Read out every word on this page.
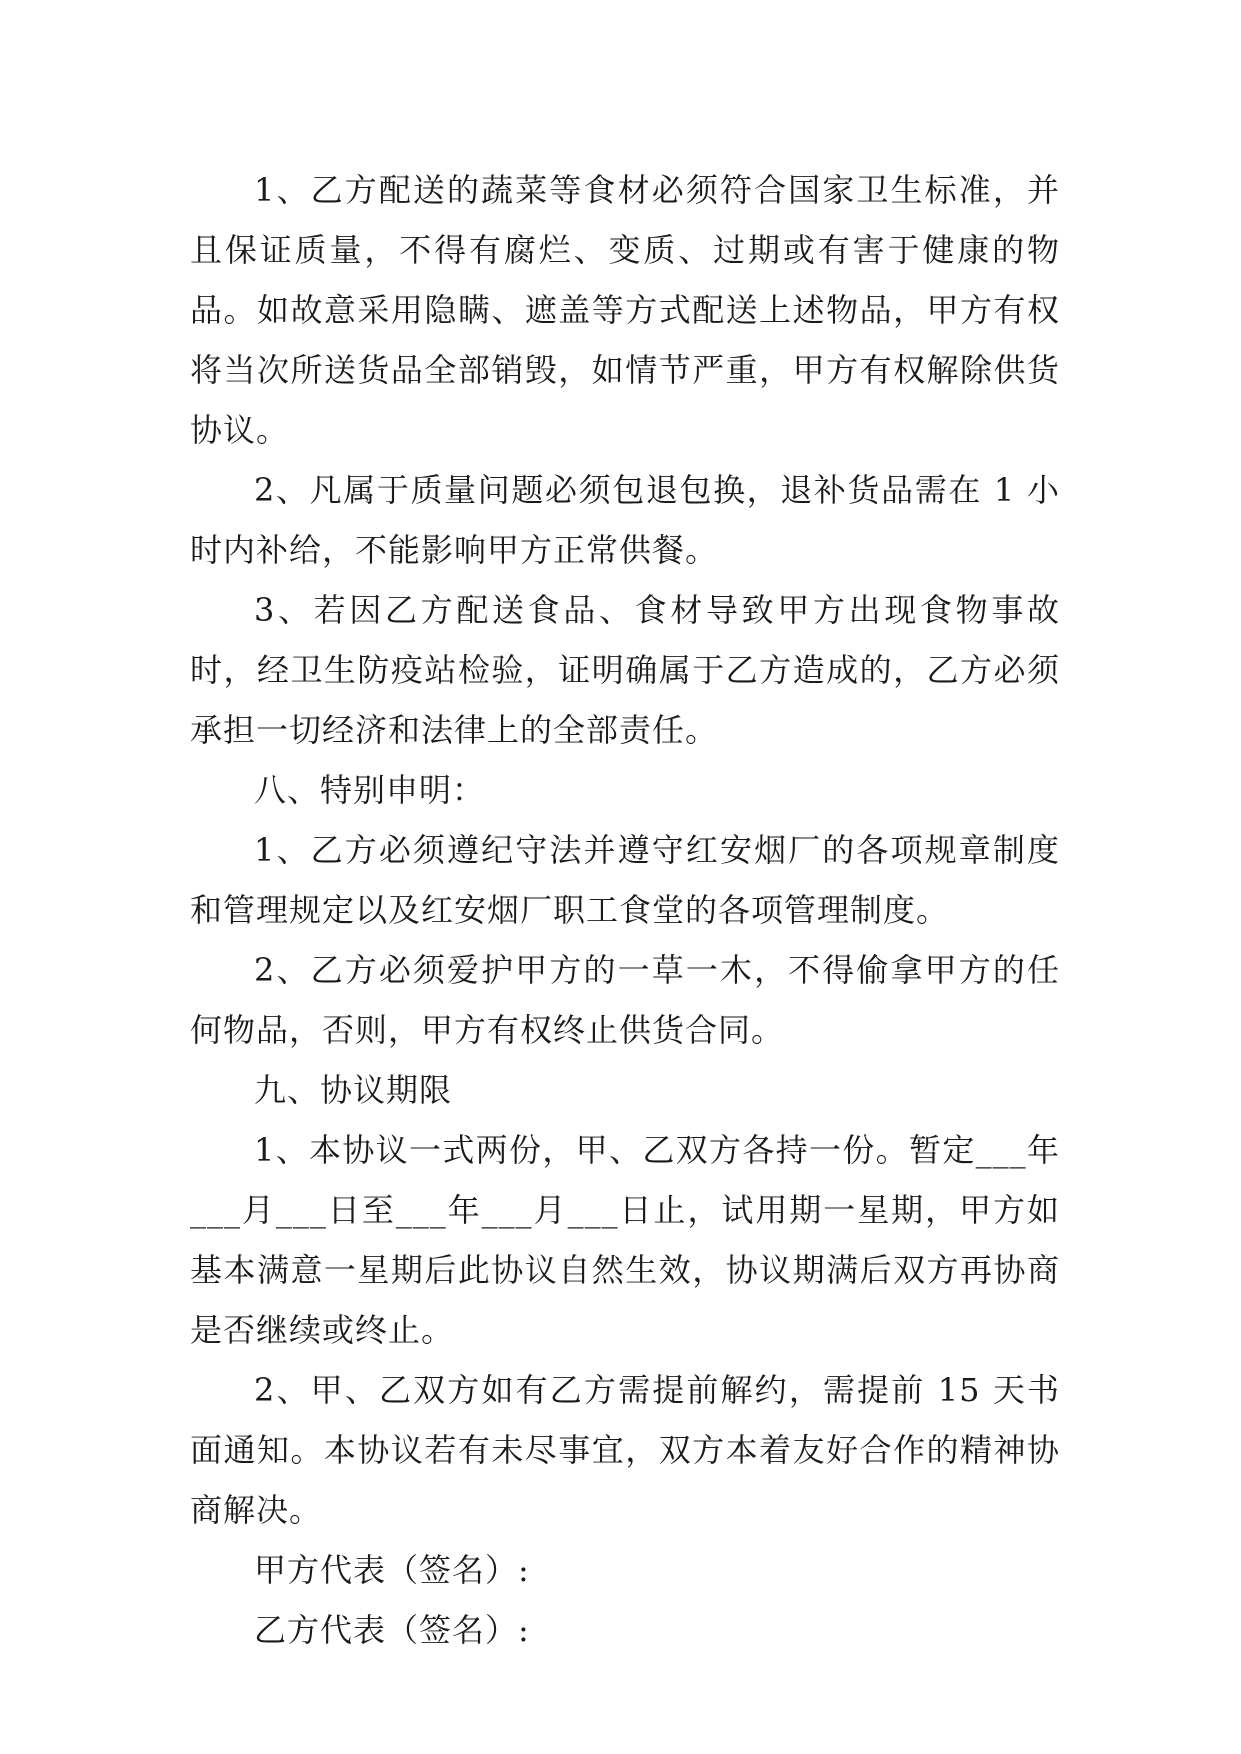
1、乙方配送的蔬菜等食材必须符合国家卫生标准，并且保证质量，不得有腐烂、变质、过期或有害于健康的物品。如故意采用隐瞒、遮盖等方式配送上述物品，甲方有权将当次所送货品全部销毁，如情节严重，甲方有权解除供货协议。

2、凡属于质量问题必须包退包换，退补货品需在 1 小时内补给，不能影响甲方正常供餐。

3、若因乙方配送食品、食材导致甲方出现食物事故时，经卫生防疫站检验，证明确属于乙方造成的，乙方必须承担一切经济和法律上的全部责任。

八、特别申明：

1、乙方必须遵纪守法并遵守红安烟厂的各项规章制度和管理规定以及红安烟厂职工食堂的各项管理制度。

2、乙方必须爱护甲方的一草一木，不得偷拿甲方的任何物品，否则，甲方有权终止供货合同。

九、协议期限

1、本协议一式两份，甲、乙双方各持一份。暂定___年___月___日至___年___月___日止，试用期一星期，甲方如基本满意一星期后此协议自然生效，协议期满后双方再协商是否继续或终止。

2、甲、乙双方如有乙方需提前解约，需提前 15 天书面通知。本协议若有未尽事宜，双方本着友好合作的精神协商解决。

甲方代表（签名）:

乙方代表（签名）:
